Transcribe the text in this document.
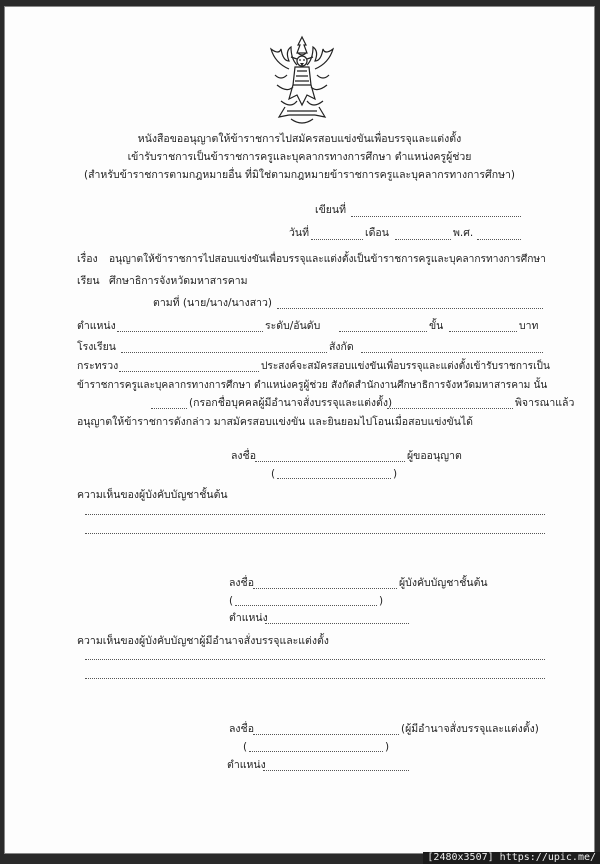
หนังสือขออนุญาตให้ข้าราชการไปสมัครสอบแข่งขันเพื่อบรรจุและแต่งตั้ง
เข้ารับราชการเป็นข้าราชการครูและบุคลากรทางการศึกษา ตำแหน่งครูผู้ช่วย
(สำหรับข้าราชการตามกฎหมายอื่น ที่มิใช่ตามกฎหมายข้าราชการครูและบุคลากรทางการศึกษา)
เขียนที่
วันที่	เดือน	พ.ศ.
เรื่อง อนุญาตให้ข้าราชการไปสอบแข่งขันเพื่อบรรจุและแต่งตั้งเป็นข้าราชการครูและบุคลากรทางการศึกษา
เรียน ศึกษาธิการจังหวัดมหาสารคาม
ตามที่ (นาย/นาง/นางสาว)
ตำแหน่ง	ระดับ/อันดับ	ขั้น	บาท
โรงเรียน	สังกัด
กระทรวง	ประสงค์จะสมัครสอบแข่งขันเพื่อบรรจุและแต่งตั้งเข้ารับราชการเป็น
ข้าราชการครูและบุคลากรทางการศึกษา ตำแหน่งครูผู้ช่วย สังกัดสำนักงานศึกษาธิการจังหวัดมหาสารคาม นั้น
(กรอกชื่อบุคคลผู้มีอำนาจสั่งบรรจุและแต่งตั้ง)	พิจารณาแล้ว
อนุญาตให้ข้าราชการดังกล่าว มาสมัครสอบแข่งขัน และยินยอมไปโอนเมื่อสอบแข่งขันได้
ลงชื่อ	ผู้ขออนุญาต
(	)
ความเห็นของผู้บังคับบัญชาชั้นต้น
ลงชื่อ	ผู้บังคับบัญชาชั้นต้น
(	)
ตำแหน่ง
ความเห็นของผู้บังคับบัญชาผู้มีอำนาจสั่งบรรจุและแต่งตั้ง
ลงชื่อ	(ผู้มีอำนาจสั่งบรรจุและแต่งตั้ง)
(	)
ตำแหน่ง
[2480x3507] https://upic.me/
